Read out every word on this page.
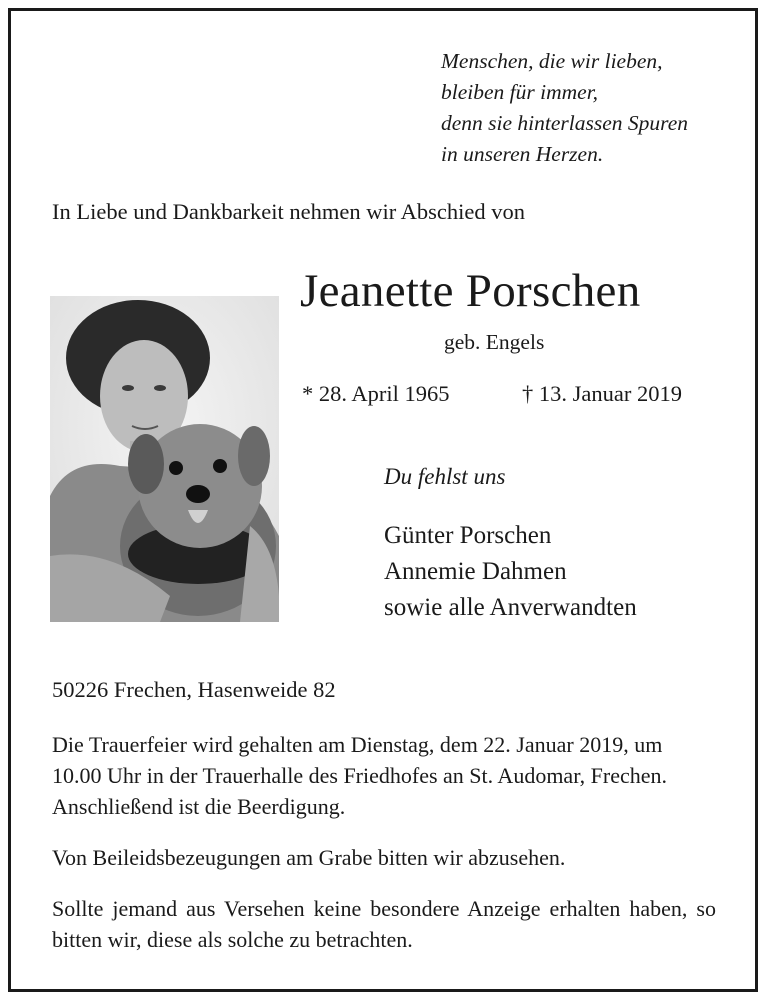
Menschen, die wir lieben,
bleiben für immer,
denn sie hinterlassen Spuren
in unseren Herzen.
In Liebe und Dankbarkeit nehmen wir Abschied von
Jeanette Porschen
geb. Engels
* 28. April 1965	† 13. Januar 2019
Du fehlst uns
Günter Porschen
Annemie Dahmen
sowie alle Anverwandten
50226 Frechen, Hasenweide 82
Die Trauerfeier wird gehalten am Dienstag, dem 22. Januar 2019, um 10.00 Uhr in der Trauerhalle des Friedhofes an St. Audomar, Frechen. Anschließend ist die Beerdigung.
Von Beileidsbezeugungen am Grabe bitten wir abzusehen.
Sollte jemand aus Versehen keine besondere Anzeige erhalten haben, so bitten wir, diese als solche zu betrachten.
